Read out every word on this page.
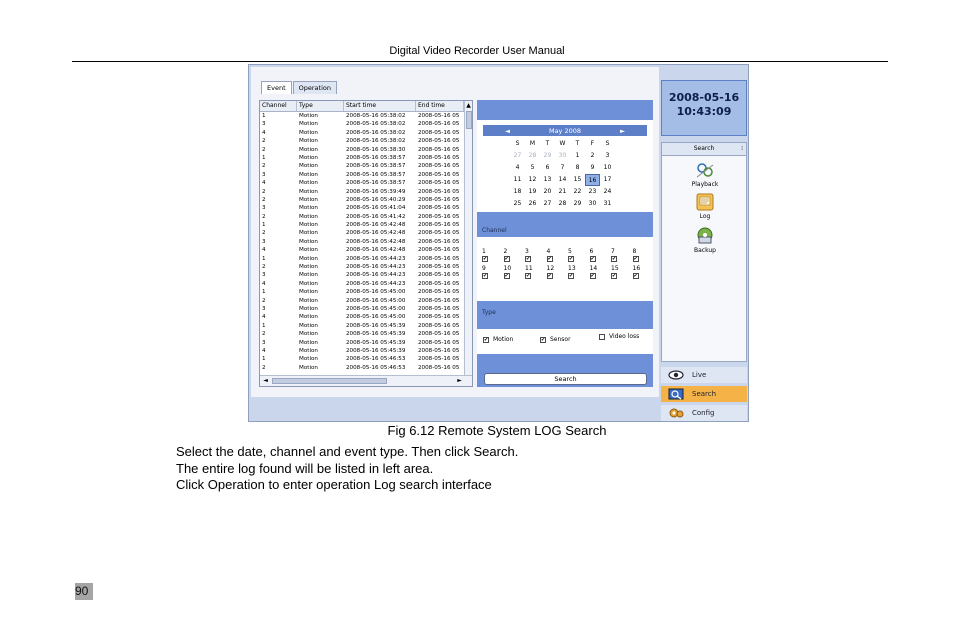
Digital Video Recorder User Manual
Event	Operation
Channel	Type	Start time	End time
1	Motion	2008-05-16 05:38:02	2008-05-16 05
3	Motion	2008-05-16 05:38:02	2008-05-16 05
4	Motion	2008-05-16 05:38:02	2008-05-16 05
2	Motion	2008-05-16 05:38:02	2008-05-16 05
2	Motion	2008-05-16 05:38:30	2008-05-16 05
1	Motion	2008-05-16 05:38:57	2008-05-16 05
2	Motion	2008-05-16 05:38:57	2008-05-16 05
3	Motion	2008-05-16 05:38:57	2008-05-16 05
4	Motion	2008-05-16 05:38:57	2008-05-16 05
2	Motion	2008-05-16 05:39:49	2008-05-16 05
2	Motion	2008-05-16 05:40:29	2008-05-16 05
3	Motion	2008-05-16 05:41:04	2008-05-16 05
2	Motion	2008-05-16 05:41:42	2008-05-16 05
1	Motion	2008-05-16 05:42:48	2008-05-16 05
2	Motion	2008-05-16 05:42:48	2008-05-16 05
3	Motion	2008-05-16 05:42:48	2008-05-16 05
4	Motion	2008-05-16 05:42:48	2008-05-16 05
1	Motion	2008-05-16 05:44:23	2008-05-16 05
2	Motion	2008-05-16 05:44:23	2008-05-16 05
3	Motion	2008-05-16 05:44:23	2008-05-16 05
4	Motion	2008-05-16 05:44:23	2008-05-16 05
1	Motion	2008-05-16 05:45:00	2008-05-16 05
2	Motion	2008-05-16 05:45:00	2008-05-16 05
3	Motion	2008-05-16 05:45:00	2008-05-16 05
4	Motion	2008-05-16 05:45:00	2008-05-16 05
1	Motion	2008-05-16 05:45:39	2008-05-16 05
2	Motion	2008-05-16 05:45:39	2008-05-16 05
3	Motion	2008-05-16 05:45:39	2008-05-16 05
4	Motion	2008-05-16 05:45:39	2008-05-16 05
1	Motion	2008-05-16 05:46:53	2008-05-16 05
2	Motion	2008-05-16 05:46:53	2008-05-16 05
▲
◄	►
◄	May 2008	►
S	M	T	W	T	F	S
27	28	29	30	1	2	3
4	5	6	7	8	9	10
11	12	13	14	15	16	17
18	19	20	21	22	23	24
25	26	27	28	29	30	31
Channel
1
✔
2
✔
3
✔
4
✔
5
✔
6
✔
7
✔
8
✔
9
✔
10
✔
11
✔
12
✔
13
✔
14
✔
15
✔
16
✔
Type
✔ Motion	✔ Sensor	Video loss
Search
2008-05-16
10:43:09
Search	⁝
Playback
Log
Backup
Live
Search
Config
Fig 6.12 Remote System LOG Search
Select the date, channel and event type. Then click Search.
The entire log found will be listed in left area.
Click Operation to enter operation Log search interface
90
